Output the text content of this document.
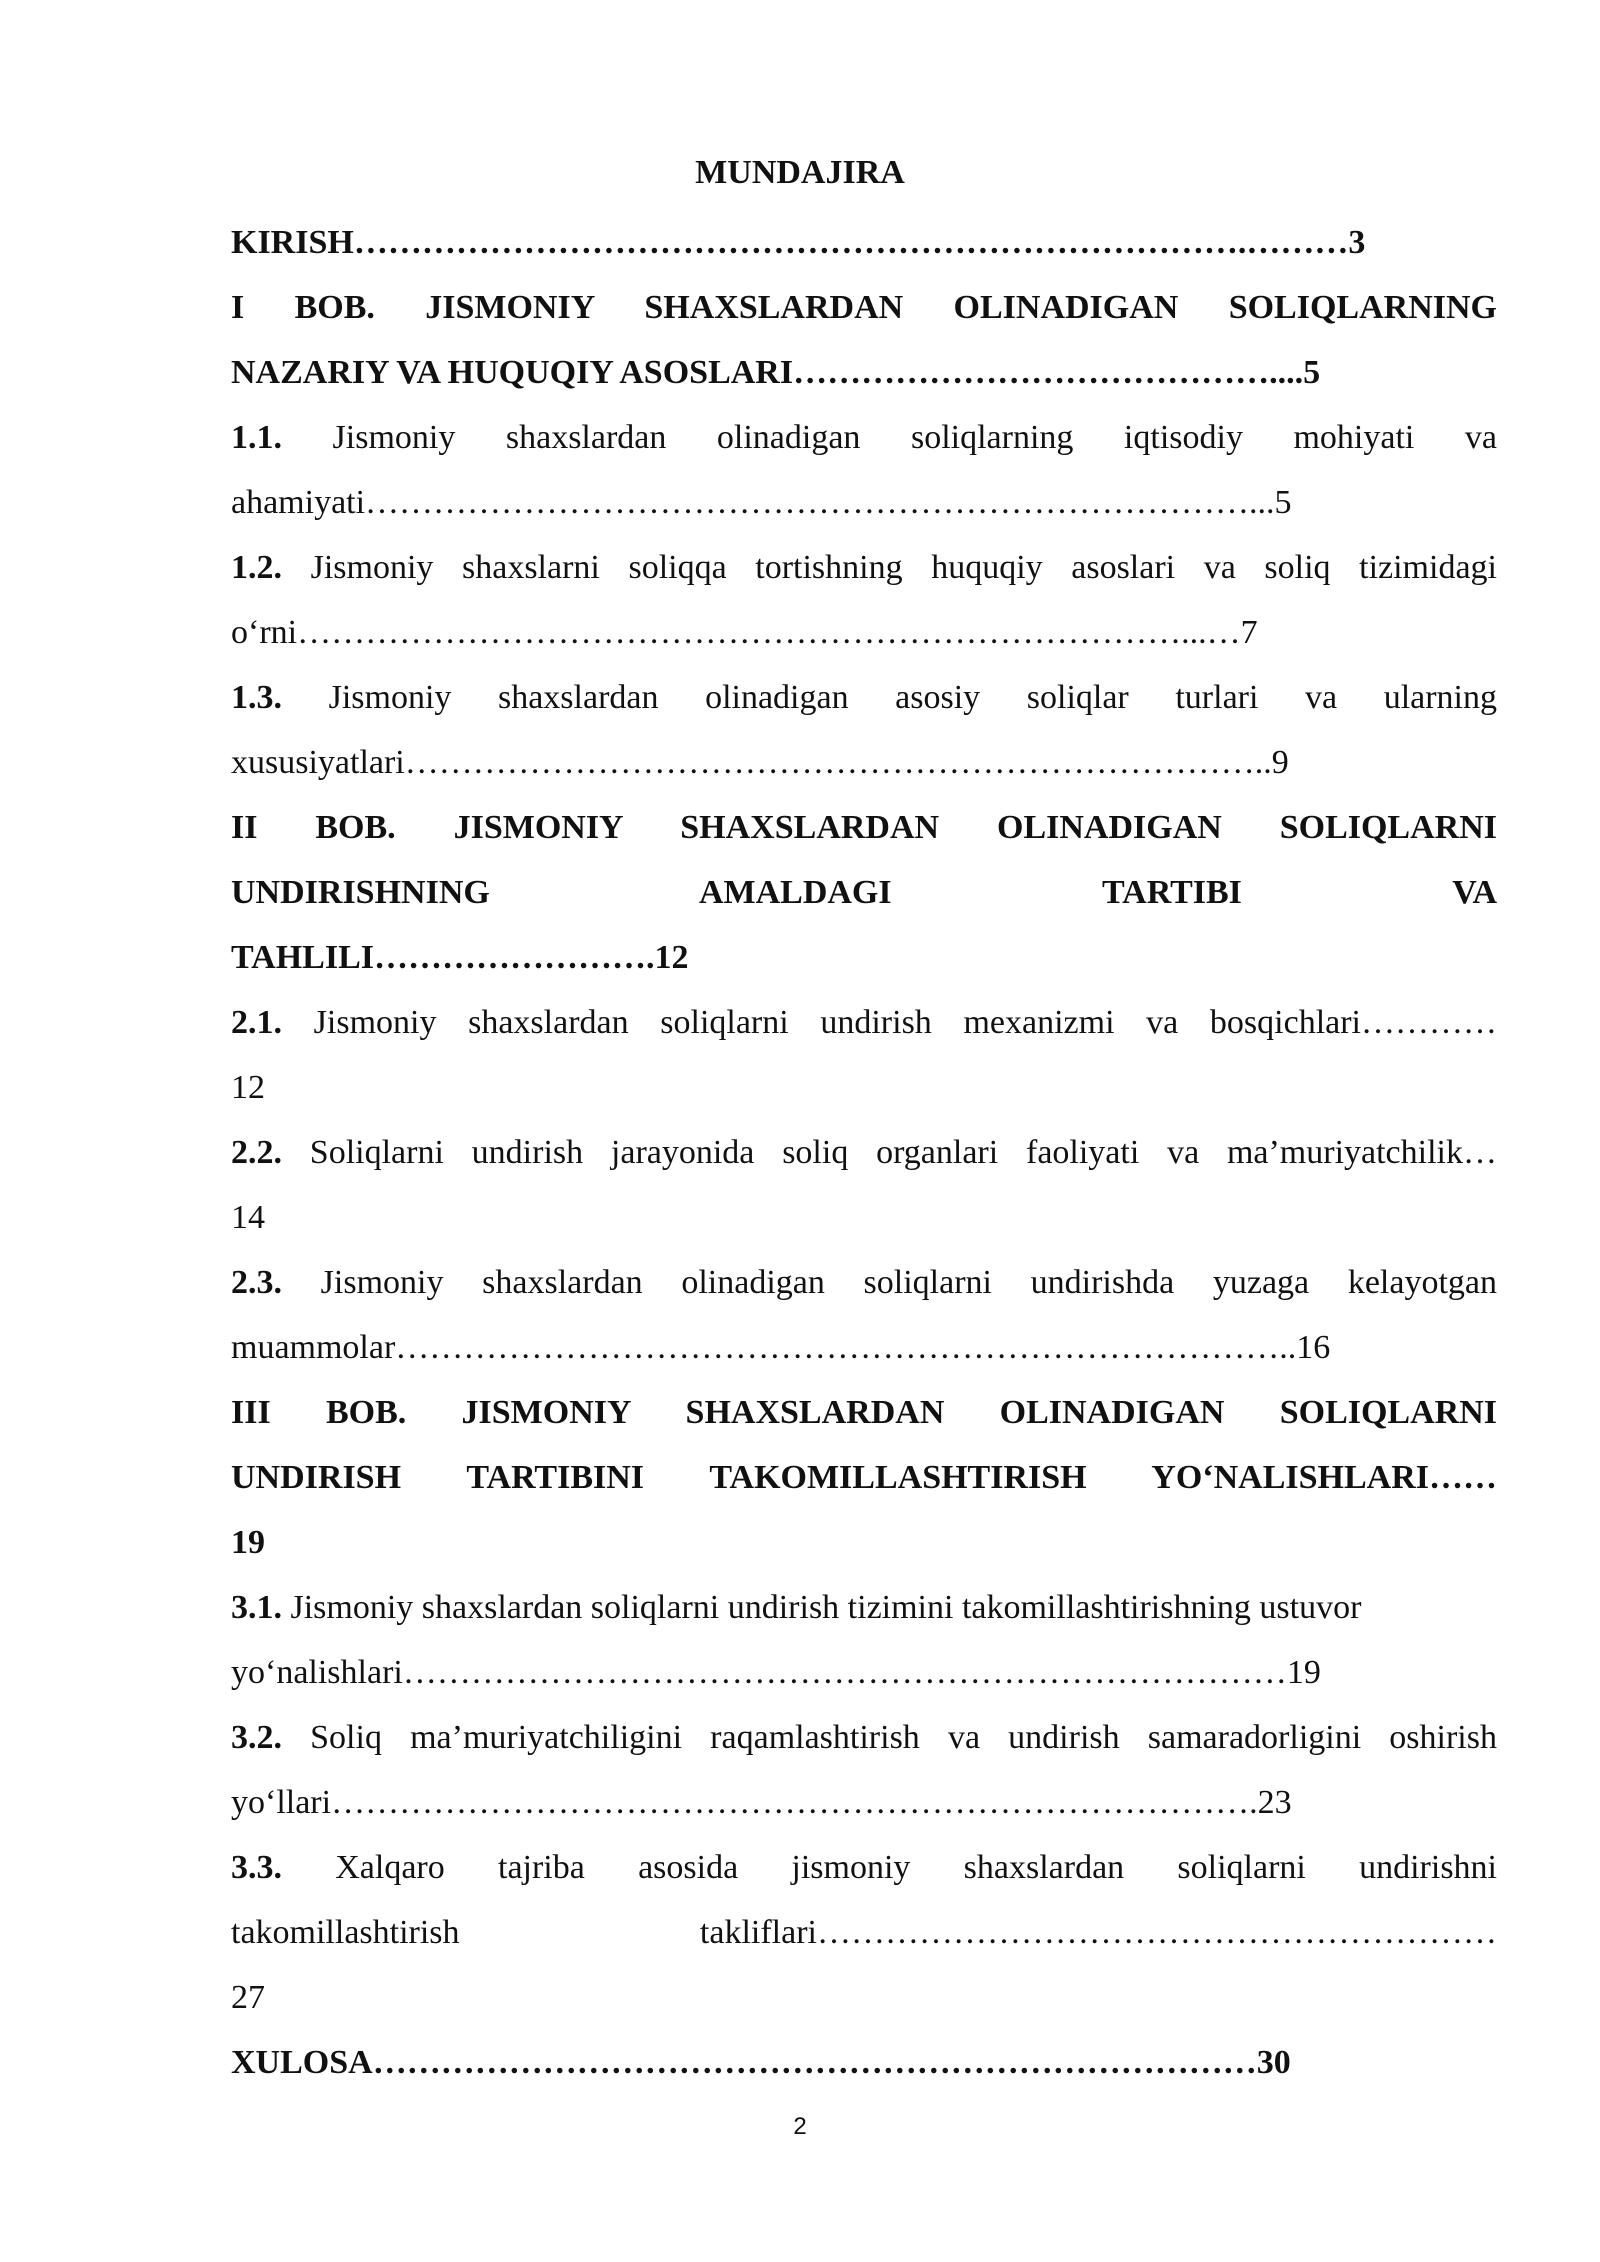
MUNDAJIRA
KIRISH…………………………………………………………………….………3
I BOB. JISMONIY SHAXSLARDAN OLINADIGAN SOLIQLARNING
NAZARIY VA HUQUQIY ASOSLARI……………………………………....5
1.1. Jismoniy shaxslardan olinadigan soliqlarning iqtisodiy mohiyati va
ahamiyati……………………………………………………………………...5
1.2. Jismoniy shaxslarni soliqqa tortishning huquqiy asoslari va soliq tizimidagi
o‘rni……………………………………………………………………...…7
1.3. Jismoniy shaxslardan olinadigan asosiy soliqlar turlari va ularning
xususiyatlari…………………………………………………………………..9
II BOB. JISMONIY SHAXSLARDAN OLINADIGAN SOLIQLARNI
UNDIRISHNING AMALDAGI TARTIBI VA
TAHLILI…………………….12
2.1. Jismoniy shaxslardan soliqlarni undirish mexanizmi va bosqichlari…………
12
2.2. Soliqlarni undirish jarayonida soliq organlari faoliyati va ma’muriyatchilik…
14
2.3. Jismoniy shaxslardan olinadigan soliqlarni undirishda yuzaga kelayotgan
muammolar……………………………………………………………………..16
III BOB. JISMONIY SHAXSLARDAN OLINADIGAN SOLIQLARNI
UNDIRISH TARTIBINI TAKOMILLASHTIRISH YO‘NALISHLARI……
19
3.1. Jismoniy shaxslardan soliqlarni undirish tizimini takomillashtirishning ustuvor
yo‘nalishlari……………………………………………………………………19
3.2. Soliq ma’muriyatchiligini raqamlashtirish va undirish samaradorligini oshirish
yo‘llari……………………………………………………………………….23
3.3. Xalqaro tajriba asosida jismoniy shaxslardan soliqlarni undirishni
takomillashtirish takliflari……………………………………………………
27
XULOSA……………………………………………………………………30
2
